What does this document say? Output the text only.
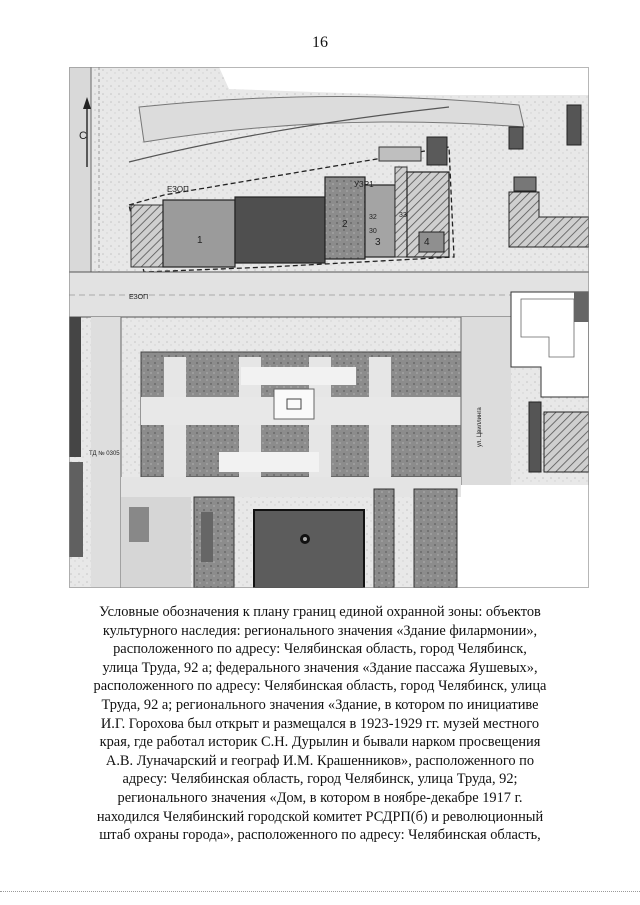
16
С
ЕЗОП
УЗР1
1
2
3	4
32	33
30
ЕЗОП
ТД № 0305
ул. Цвиллинга
Условные обозначения к плану границ единой охранной зоны: объектов
культурного наследия: регионального значения «Здание филармонии»,
расположенного по адресу: Челябинская область, город Челябинск,
улица Труда, 92 а; федерального значения «Здание пассажа Яушевых»,
расположенного по адресу: Челябинская область, город Челябинск, улица
Труда, 92 а; регионального значения «Здание, в котором по инициативе
И.Г. Горохова был открыт и размещался в 1923-1929 гг. музей местного
края, где работал историк С.Н. Дурылин и бывали нарком просвещения
А.В. Луначарский и географ И.М. Крашенников», расположенного по
адресу: Челябинская область, город Челябинск, улица Труда, 92;
регионального значения «Дом, в котором в ноябре-декабре 1917 г.
находился Челябинский городской комитет РСДРП(б) и революционный
штаб охраны города», расположенного по адресу: Челябинская область,
